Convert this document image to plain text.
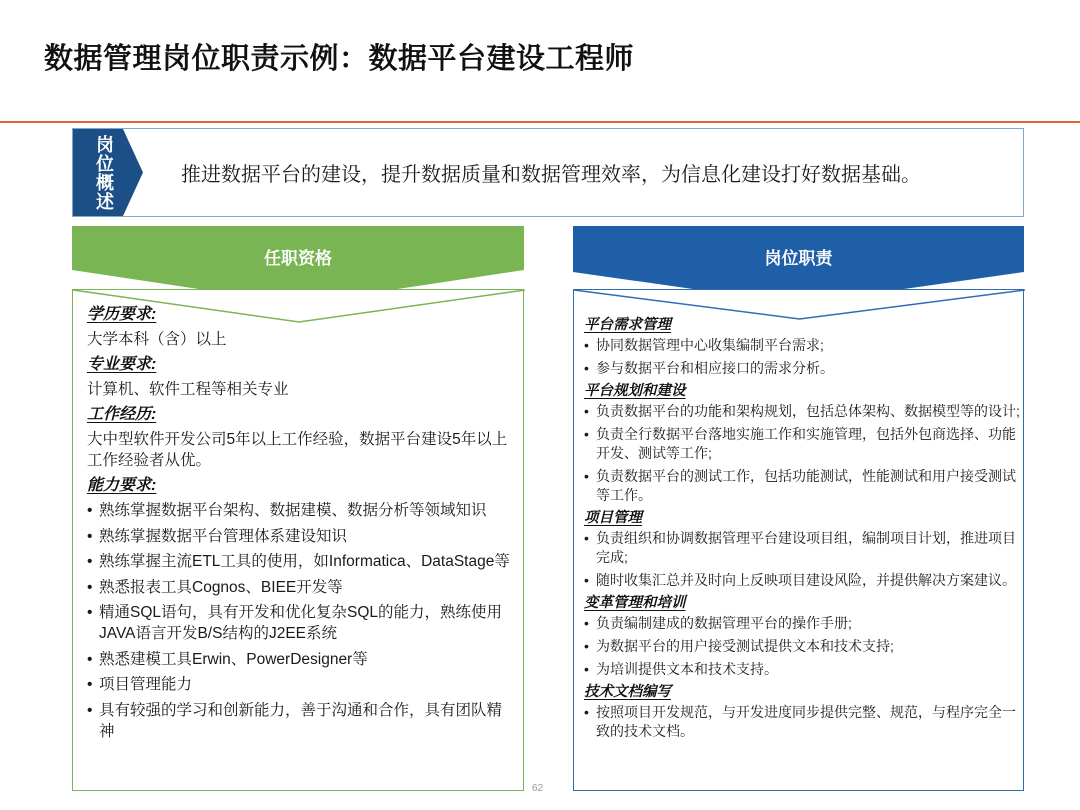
数据管理岗位职责示例：数据平台建设工程师
岗位概述	推进数据平台的建设，提升数据质量和数据管理效率，为信息化建设打好数据基础。
任职资格	岗位职责
学历要求:
大学本科（含）以上
专业要求:
计算机、软件工程等相关专业
工作经历:
大中型软件开发公司5年以上工作经验，数据平台建设5年以上工作经验者从优。
能力要求:
• 熟练掌握数据平台架构、数据建模、数据分析等领域知识
• 熟练掌握数据平台管理体系建设知识
• 熟练掌握主流ETL工具的使用，如Informatica、DataStage等
• 熟悉报表工具Cognos、BIEE开发等
• 精通SQL语句，具有开发和优化复杂SQL的能力，熟练使用JAVA语言开发B/S结构的J2EE系统
• 熟悉建模工具Erwin、PowerDesigner等
• 项目管理能力
• 具有较强的学习和创新能力，善于沟通和合作，具有团队精神
平台需求管理
• 协同数据管理中心收集编制平台需求;
• 参与数据平台和相应接口的需求分析。
平台规划和建设
• 负责数据平台的功能和架构规划，包括总体架构、数据模型等的设计;
• 负责全行数据平台落地实施工作和实施管理，包括外包商选择、功能开发、测试等工作;
• 负责数据平台的测试工作，包括功能测试，性能测试和用户接受测试等工作。
项目管理
• 负责组织和协调数据管理平台建设项目组，编制项目计划，推进项目完成;
• 随时收集汇总并及时向上反映项目建设风险，并提供解决方案建议。
变革管理和培训
• 负责编制建成的数据管理平台的操作手册;
• 为数据平台的用户接受测试提供文本和技术支持;
• 为培训提供文本和技术支持。
技术文档编写
• 按照项目开发规范，与开发进度同步提供完整、规范，与程序完全一致的技术文档。
62
